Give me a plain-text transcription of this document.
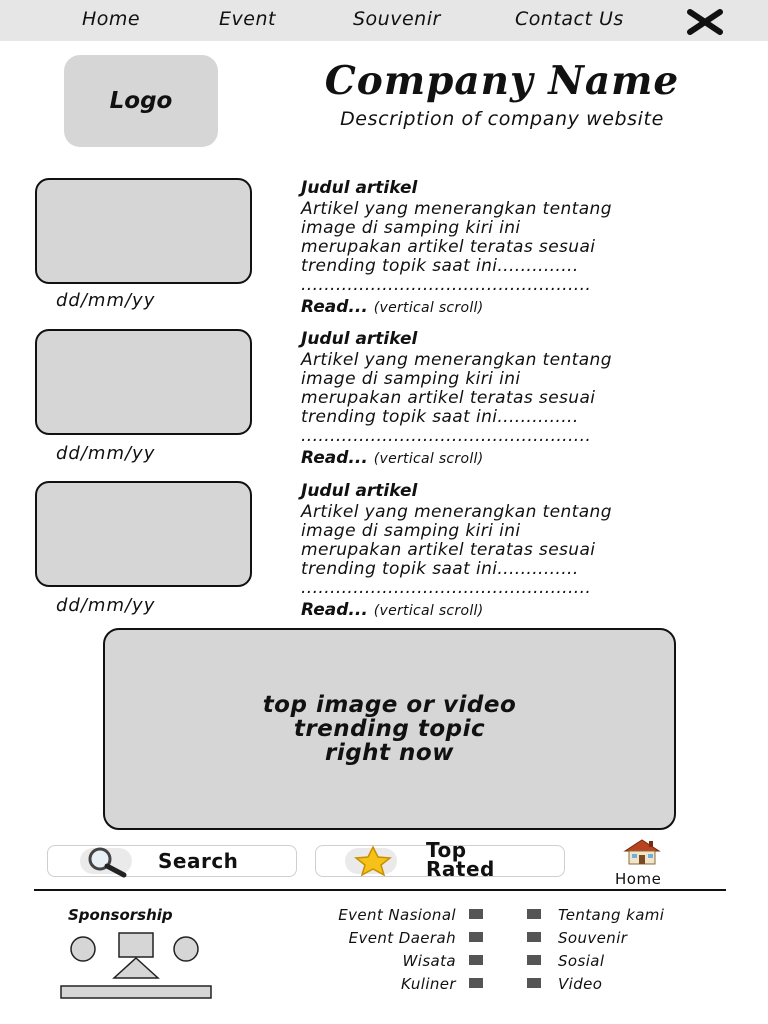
Home	Event	Souvenir	Contact Us
Logo	Company Name
Description of company website
dd/mm/yy
Judul artikel
Artikel yang menerangkan tentang
image di samping kiri ini
merupakan artikel teratas sesuai
trending topik saat ini..............
..................................................
Read... (vertical scroll)
dd/mm/yy
Judul artikel
Artikel yang menerangkan tentang
image di samping kiri ini
merupakan artikel teratas sesuai
trending topik saat ini..............
..................................................
Read... (vertical scroll)
dd/mm/yy
Judul artikel
Artikel yang menerangkan tentang
image di samping kiri ini
merupakan artikel teratas sesuai
trending topik saat ini..............
..................................................
Read... (vertical scroll)
top image or video
trending topic
right now
Search	Top
Rated	Home
Sponsorship	Event Nasional
Event Daerah
Wisata
Kuliner
Tentang kami
Souvenir
Sosial
Video
